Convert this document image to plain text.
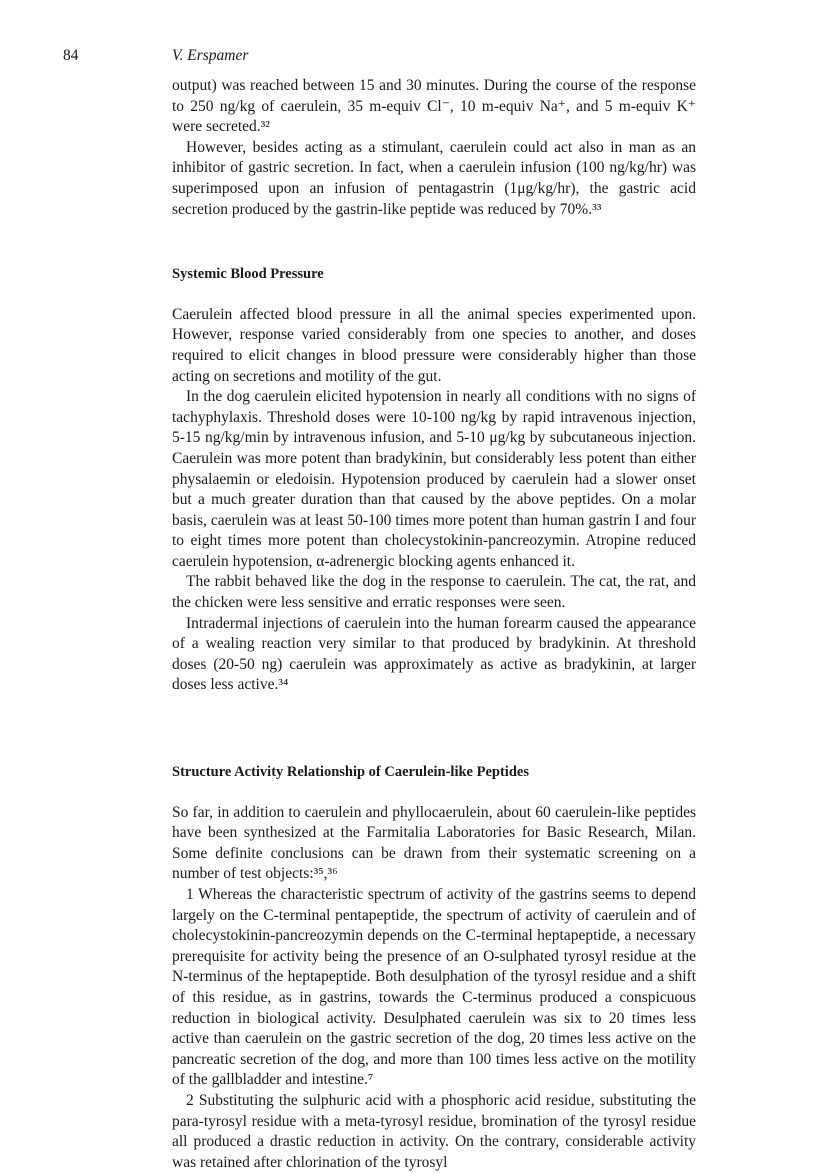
84	V. Erspamer

output) was reached between 15 and 30 minutes. During the course of the response to 250 ng/kg of caerulein, 35 m-equiv Cl⁻, 10 m-equiv Na⁺, and 5 m-equiv K⁺ were secreted.³²

However, besides acting as a stimulant, caerulein could act also in man as an inhibitor of gastric secretion. In fact, when a caerulein infusion (100 ng/kg/hr) was superimposed upon an infusion of pentagastrin (1μg/kg/hr), the gastric acid secretion produced by the gastrin-like peptide was reduced by 70%.³³

Systemic Blood Pressure

Caerulein affected blood pressure in all the animal species experimented upon. However, response varied considerably from one species to another, and doses required to elicit changes in blood pressure were considerably higher than those acting on secretions and motility of the gut.

In the dog caerulein elicited hypotension in nearly all conditions with no signs of tachyphylaxis. Threshold doses were 10-100 ng/kg by rapid intravenous injection, 5-15 ng/kg/min by intravenous infusion, and 5-10 μg/kg by subcutaneous injection. Caerulein was more potent than bradykinin, but considerably less potent than either physalaemin or eledoisin. Hypotension produced by caerulein had a slower onset but a much greater duration than that caused by the above peptides. On a molar basis, caerulein was at least 50-100 times more potent than human gastrin I and four to eight times more potent than cholecystokinin-pancreozymin. Atropine reduced caerulein hypotension, α-adrenergic blocking agents enhanced it.

The rabbit behaved like the dog in the response to caerulein. The cat, the rat, and the chicken were less sensitive and erratic responses were seen.

Intradermal injections of caerulein into the human forearm caused the appearance of a wealing reaction very similar to that produced by bradykinin. At threshold doses (20-50 ng) caerulein was approximately as active as bradykinin, at larger doses less active.³⁴

Structure Activity Relationship of Caerulein-like Peptides

So far, in addition to caerulein and phyllocaerulein, about 60 caerulein-like peptides have been synthesized at the Farmitalia Laboratories for Basic Research, Milan. Some definite conclusions can be drawn from their systematic screening on a number of test objects:³⁵,³⁶

1 Whereas the characteristic spectrum of activity of the gastrins seems to depend largely on the C-terminal pentapeptide, the spectrum of activity of caerulein and of cholecystokinin-pancreozymin depends on the C-terminal heptapeptide, a necessary prerequisite for activity being the presence of an O-sulphated tyrosyl residue at the N-terminus of the heptapeptide. Both desulphation of the tyrosyl residue and a shift of this residue, as in gastrins, towards the C-terminus produced a conspicuous reduction in biological activity. Desulphated caerulein was six to 20 times less active than caerulein on the gastric secretion of the dog, 20 times less active on the pancreatic secretion of the dog, and more than 100 times less active on the motility of the gallbladder and intestine.⁷

2 Substituting the sulphuric acid with a phosphoric acid residue, substituting the para-tyrosyl residue with a meta-tyrosyl residue, bromination of the tyrosyl residue all produced a drastic reduction in activity. On the contrary, considerable activity was retained after chlorination of the tyrosyl
